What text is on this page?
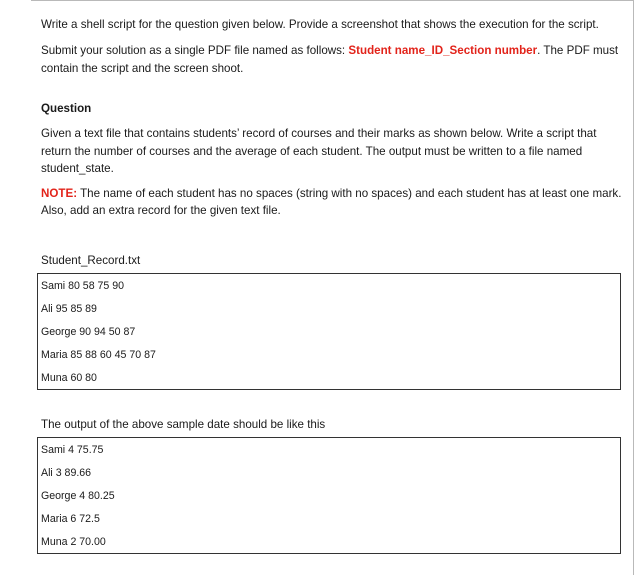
Write a shell script for the question given below. Provide a screenshot that shows the execution for the script.
Submit your solution as a single PDF file named as follows: Student name_ID_Section number. The PDF must
contain the script and the screen shoot.
Question
Given a text file that contains students’ record of courses and their marks as shown below. Write a script that
return the number of courses and the average of each student. The output must be written to a file named
student_state.
NOTE: The name of each student has no spaces (string with no spaces) and each student has at least one mark.
Also, add an extra record for the given text file.
Student_Record.txt
The output of the above sample date should be like this
Sami 80 58 75 90
Ali 95 85 89
George 90 94 50 87
Maria 85 88 60 45 70 87
Muna 60 80
Sami 4 75.75
Ali 3 89.66
George 4 80.25
Maria 6 72.5
Muna 2 70.00
